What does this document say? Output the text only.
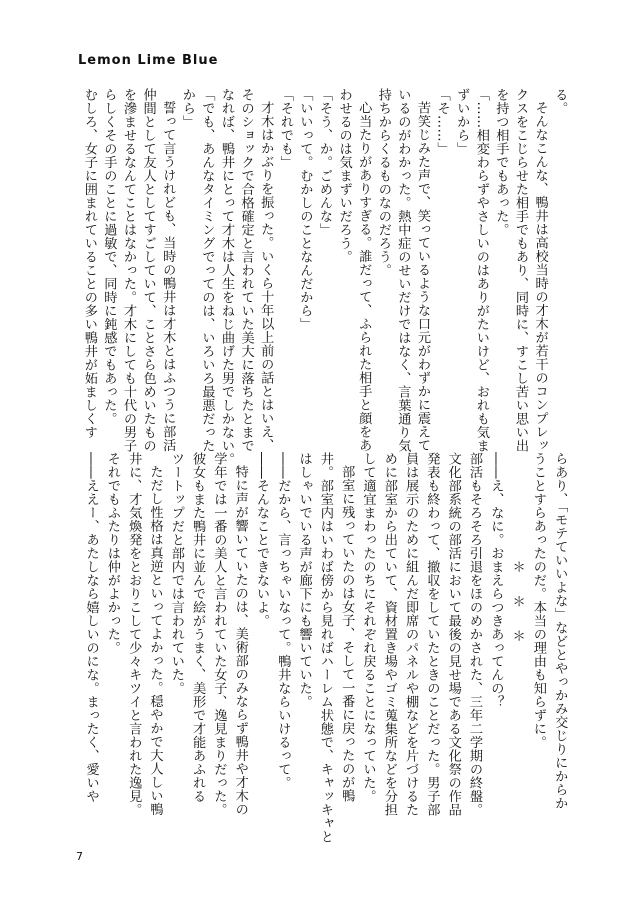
Lemon Lime Blue
る。
そんなこんな、鴨井は高校当時の才木が若干のコンプレッ
クスをこじらせた相手でもあり、同時に、すこし苦い思い出
を持つ相手でもあった。
「……相変わらずやさしいのはありがたいけど、おれも気ま
ずいから」
「そ……」
苦笑じみた声で、笑っているような口元がわずかに震えて
いるのがわかった。熱中症のせいだけではなく、言葉通り気
持ちからくるものなのだろう。
心当たりがありすぎる。誰だって、ふられた相手と顔をあ
わせるのは気まずいだろう。
「そう、か。ごめんな」
「いいって。むかしのことなんだから」
「それでも」
才木はかぶりを振った。いくら十年以上前の話とはいえ、
そのショックで合格確定と言われていた美大に落ちたとまで
なれば、鴨井にとって才木は人生をねじ曲げた男でしかない。
「でも、あんなタイミングでってのは、いろいろ最悪だった
から」
誓って言うけれども、当時の鴨井は才木とはふつうに部活
仲間として友人としてすごしていて、ことさら色めいたもの
を滲ませるなんてことはなかった。才木にしても十代の男子
らしくその手のことに過敏で、同時に鈍感でもあった。
むしろ、女子に囲まれていることの多い鴨井が妬ましくす
らあり、「モテていいよな」などとやっかみ交じりにからか
うことすらあったのだ。本当の理由も知らずに。
＊　＊　＊
――え、なに。おまえらつきあってんの？
部活もそろそろ引退をほのめかされた、三年二学期の終盤。
文化部系統の部活において最後の見せ場である文化祭の作品
発表も終わって、撤収をしていたときのことだった。男子部
員は展示のために組んだ即席のパネルや棚などを片づけるた
めに部室から出ていて、資材置き場やゴミ蒐集所などを分担
して適宜まわったのちにそれぞれ戻ることになっていた。
部室に残っていたのは女子、そして一番に戻ったのが鴨
井。部室内はいわば傍から見ればハーレム状態で、キャッキャと
はしゃいでいる声が廊下にも響いていた。
――だから、言っちゃいなって。鴨井ならいけるって。
――そんなことできないよ。
特に声が響いていたのは、美術部のみならず鴨井や才木の
学年では一番の美人と言われていた女子、逸見まりだった。
彼女もまた鴨井に並んで絵がうまく、美形で才能あふれる
ツートップだと部内では言われていた。
ただし性格は真逆といってよかった。穏やかで大人しい鴨
井に、才気煥発をとおりこして少々キツイと言われた逸見。
それでもふたりは仲がよかった。
――ええー、あたしなら嬉しいのにな。まったく、愛いや
7
